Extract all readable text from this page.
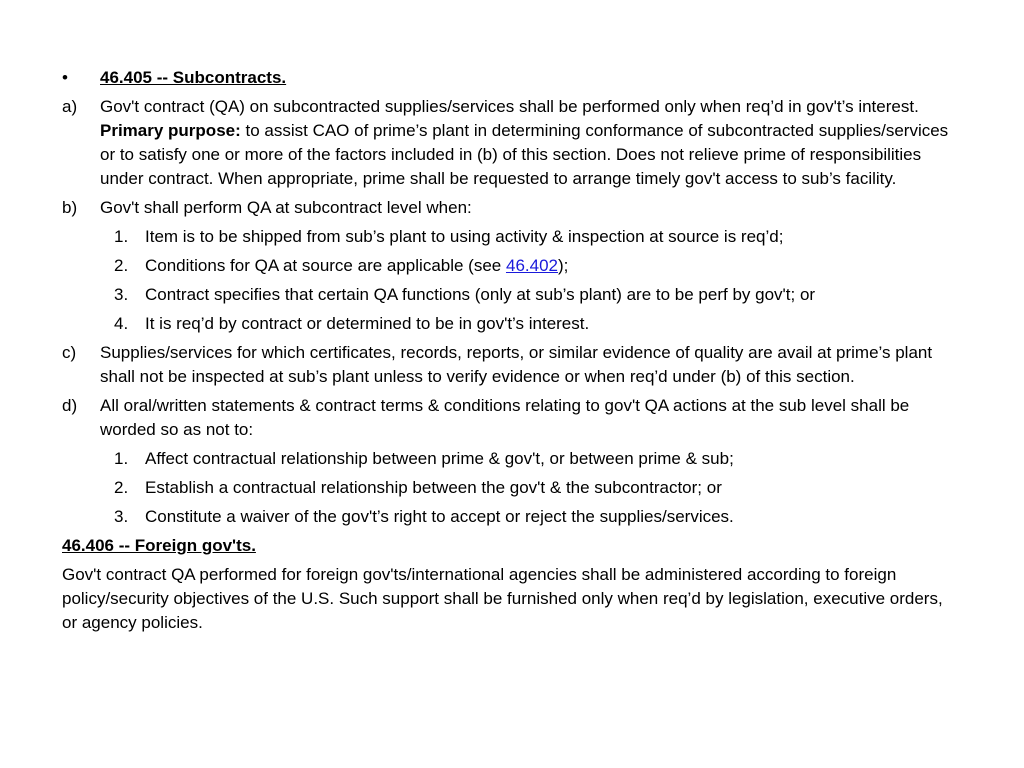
•	46.405 -- Subcontracts.
a)	Gov't contract (QA) on subcontracted supplies/services shall be performed only when req’d in gov't’s interest. Primary purpose: to assist CAO of prime’s plant in determining conformance of subcontracted supplies/services or to satisfy one or more of the factors included in (b) of this section. Does not relieve prime of responsibilities under contract. When appropriate, prime shall be requested to arrange timely gov't access to sub’s facility.
b)	Gov't shall perform QA at subcontract level when:
1. Item is to be shipped from sub’s plant to using activity & inspection at source is req’d;
2. Conditions for QA at source are applicable (see 46.402);
3. Contract specifies that certain QA functions (only at sub’s plant) are to be perf by gov't; or
4. It is req’d by contract or determined to be in gov't’s interest.
c)	Supplies/services for which certificates, records, reports, or similar evidence of quality are avail at prime’s plant shall not be inspected at sub’s plant unless to verify evidence or when req’d under (b) of this section.
d)	All oral/written statements & contract terms & conditions relating to gov't QA actions at the sub level shall be worded so as not to:
1. Affect contractual relationship between prime & gov't, or between prime & sub;
2. Establish a contractual relationship between the gov't & the subcontractor; or
3. Constitute a waiver of the gov't’s right to accept or reject the supplies/services.
46.406 -- Foreign gov'ts.
Gov't contract QA performed for foreign gov'ts/international agencies shall be administered according to foreign policy/security objectives of the U.S. Such support shall be furnished only when req’d by legislation, executive orders, or agency policies.
